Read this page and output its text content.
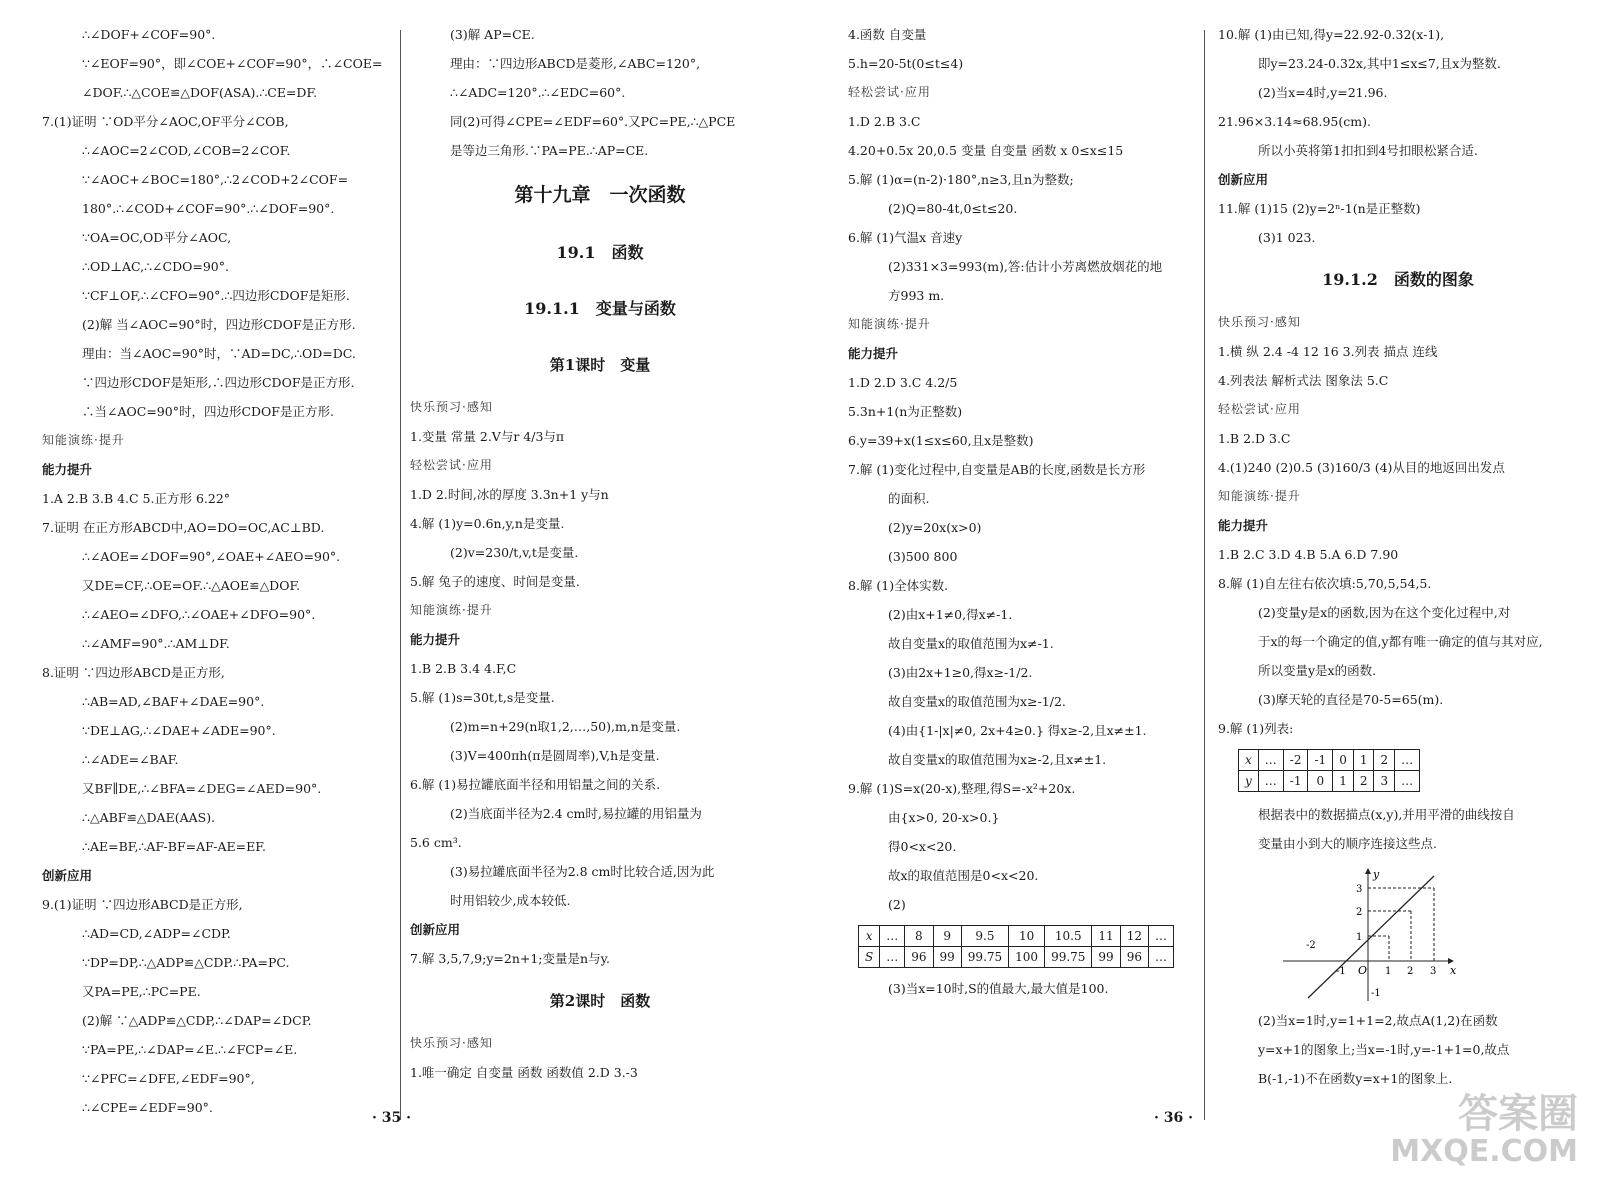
∴∠DOF+∠COF=90°.
∵∠EOF=90°，即∠COE+∠COF=90°，∴∠COE=
∠DOF.∴△COE≌△DOF(ASA).∴CE=DF.
7.(1)证明 ∵OD平分∠AOC,OF平分∠COB,
∴∠AOC=2∠COD,∠COB=2∠COF.
∵∠AOC+∠BOC=180°,∴2∠COD+2∠COF=
180°.∴∠COD+∠COF=90°.∴∠DOF=90°.
∵OA=OC,OD平分∠AOC,
∴OD⊥AC,∴∠CDO=90°.
∵CF⊥OF,∴∠CFO=90°.∴四边形CDOF是矩形.
(2)解 当∠AOC=90°时，四边形CDOF是正方形.
理由：当∠AOC=90°时，∵AD=DC,∴OD=DC.
∵四边形CDOF是矩形,∴四边形CDOF是正方形.
∴当∠AOC=90°时，四边形CDOF是正方形.
知能演练·提升
能力提升
1.A 2.B 3.B 4.C 5.正方形 6.22°
7.证明 在正方形ABCD中,AO=DO=OC,AC⊥BD.
∴∠AOE=∠DOF=90°,∠OAE+∠AEO=90°.
又DE=CF,∴OE=OF.∴△AOE≌△DOF.
∴∠AEO=∠DFO,∴∠OAE+∠DFO=90°.
∴∠AMF=90°.∴AM⊥DF.
8.证明 ∵四边形ABCD是正方形,
∴AB=AD,∠BAF+∠DAE=90°.
∵DE⊥AG,∴∠DAE+∠ADE=90°.
∴∠ADE=∠BAF.
又BF∥DE,∴∠BFA=∠DEG=∠AED=90°.
∴△ABF≌△DAE(AAS).
∴AE=BF,∴AF-BF=AF-AE=EF.
创新应用
9.(1)证明 ∵四边形ABCD是正方形,
∴AD=CD,∠ADP=∠CDP.
∵DP=DP,∴△ADP≌△CDP.∴PA=PC.
又PA=PE,∴PC=PE.
(2)解 ∵△ADP≌△CDP,∴∠DAP=∠DCP.
∵PA=PE,∴∠DAP=∠E.∴∠FCP=∠E.
∵∠PFC=∠DFE,∠EDF=90°,
∴∠CPE=∠EDF=90°.
(3)解 AP=CE.
理由：∵四边形ABCD是菱形,∠ABC=120°,
∴∠ADC=120°.∴∠EDC=60°.
同(2)可得∠CPE=∠EDF=60°.又PC=PE,∴△PCE
是等边三角形.∵PA=PE.∴AP=CE.
第十九章　一次函数
19.1　函数
19.1.1　变量与函数
第1课时　变量
快乐预习·感知
1.变量 常量 2.V与r 4/3与π
轻松尝试·应用
1.D 2.时间,冰的厚度 3.3n+1 y与n
4.解 (1)y=0.6n,y,n是变量.
(2)v=230/t,v,t是变量.
5.解 兔子的速度、时间是变量.
知能演练·提升
能力提升
1.B 2.B 3.4 4.F,C
5.解 (1)s=30t,t,s是变量.
(2)m=n+29(n取1,2,…,50),m,n是变量.
(3)V=400πh(π是圆周率),V,h是变量.
6.解 (1)易拉罐底面半径和用铝量之间的关系.
(2)当底面半径为2.4 cm时,易拉罐的用铝量为
5.6 cm³.
(3)易拉罐底面半径为2.8 cm时比较合适,因为此
时用铝较少,成本较低.
创新应用
7.解 3,5,7,9;y=2n+1;变量是n与y.
第2课时　函数
快乐预习·感知
1.唯一确定 自变量 函数 函数值 2.D 3.-3
4.函数 自变量
5.h=20-5t(0≤t≤4)
轻松尝试·应用
1.D 2.B 3.C
4.20+0.5x 20,0.5 变量 自变量 函数 x 0≤x≤15
5.解 (1)α=(n-2)·180°,n≥3,且n为整数;
(2)Q=80-4t,0≤t≤20.
6.解 (1)气温x 音速y
(2)331×3=993(m),答:估计小芳离燃放烟花的地
方993 m.
知能演练·提升
能力提升
1.D 2.D 3.C 4.2/5
5.3n+1(n为正整数)
6.y=39+x(1≤x≤60,且x是整数)
7.解 (1)变化过程中,自变量是AB的长度,函数是长方形
的面积.
(2)y=20x(x>0)
(3)500 800
8.解 (1)全体实数.
(2)由x+1≠0,得x≠-1.
故自变量x的取值范围为x≠-1.
(3)由2x+1≥0,得x≥-1/2.
故自变量x的取值范围为x≥-1/2.
(4)由{1-|x|≠0, 2x+4≥0.} 得x≥-2,且x≠±1.
故自变量x的取值范围为x≥-2,且x≠±1.
9.解 (1)S=x(20-x),整理,得S=-x²+20x.
由{x>0, 20-x>0.}
得0<x<20.
故x的取值范围是0<x<20.
(2)
x	…	8	9	9.5	10	10.5	11	12	…
S	…	96	99	99.75	100	99.75	99	96	…
(3)当x=10时,S的值最大,最大值是100.
10.解 (1)由已知,得y=22.92-0.32(x-1),
即y=23.24-0.32x,其中1≤x≤7,且x为整数.
(2)当x=4时,y=21.96.
21.96×3.14≈68.95(cm).
所以小英将第1扣扣到4号扣眼松紧合适.
创新应用
11.解 (1)15 (2)y=2ⁿ-1(n是正整数)
(3)1 023.
19.1.2　函数的图象
快乐预习·感知
1.横 纵 2.4 -4 12 16 3.列表 描点 连线
4.列表法 解析式法 图象法 5.C
轻松尝试·应用
1.B 2.D 3.C
4.(1)240 (2)0.5 (3)160/3 (4)从目的地返回出发点
知能演练·提升
能力提升
1.B 2.C 3.D 4.B 5.A 6.D 7.90
8.解 (1)自左往右依次填:5,70,5,54,5.
(2)变量y是x的函数,因为在这个变化过程中,对
于x的每一个确定的值,y都有唯一确定的值与其对应,
所以变量y是x的函数.
(3)摩天轮的直径是70-5=65(m).
9.解 (1)列表:
x	…	-2	-1	0	1	2	…
y	…	-1	0	1	2	3	…
根据表中的数据描点(x,y),并用平滑的曲线按自
变量由小到大的顺序连接这些点.
y
x
O
-2
-1	1 2 3
3
2
1
-1
(2)当x=1时,y=1+1=2,故点A(1,2)在函数
y=x+1的图象上;当x=-1时,y=-1+1=0,故点
B(-1,-1)不在函数y=x+1的图象上.
· 35 ·	· 36 ·	答案圈
MXQE.COM
